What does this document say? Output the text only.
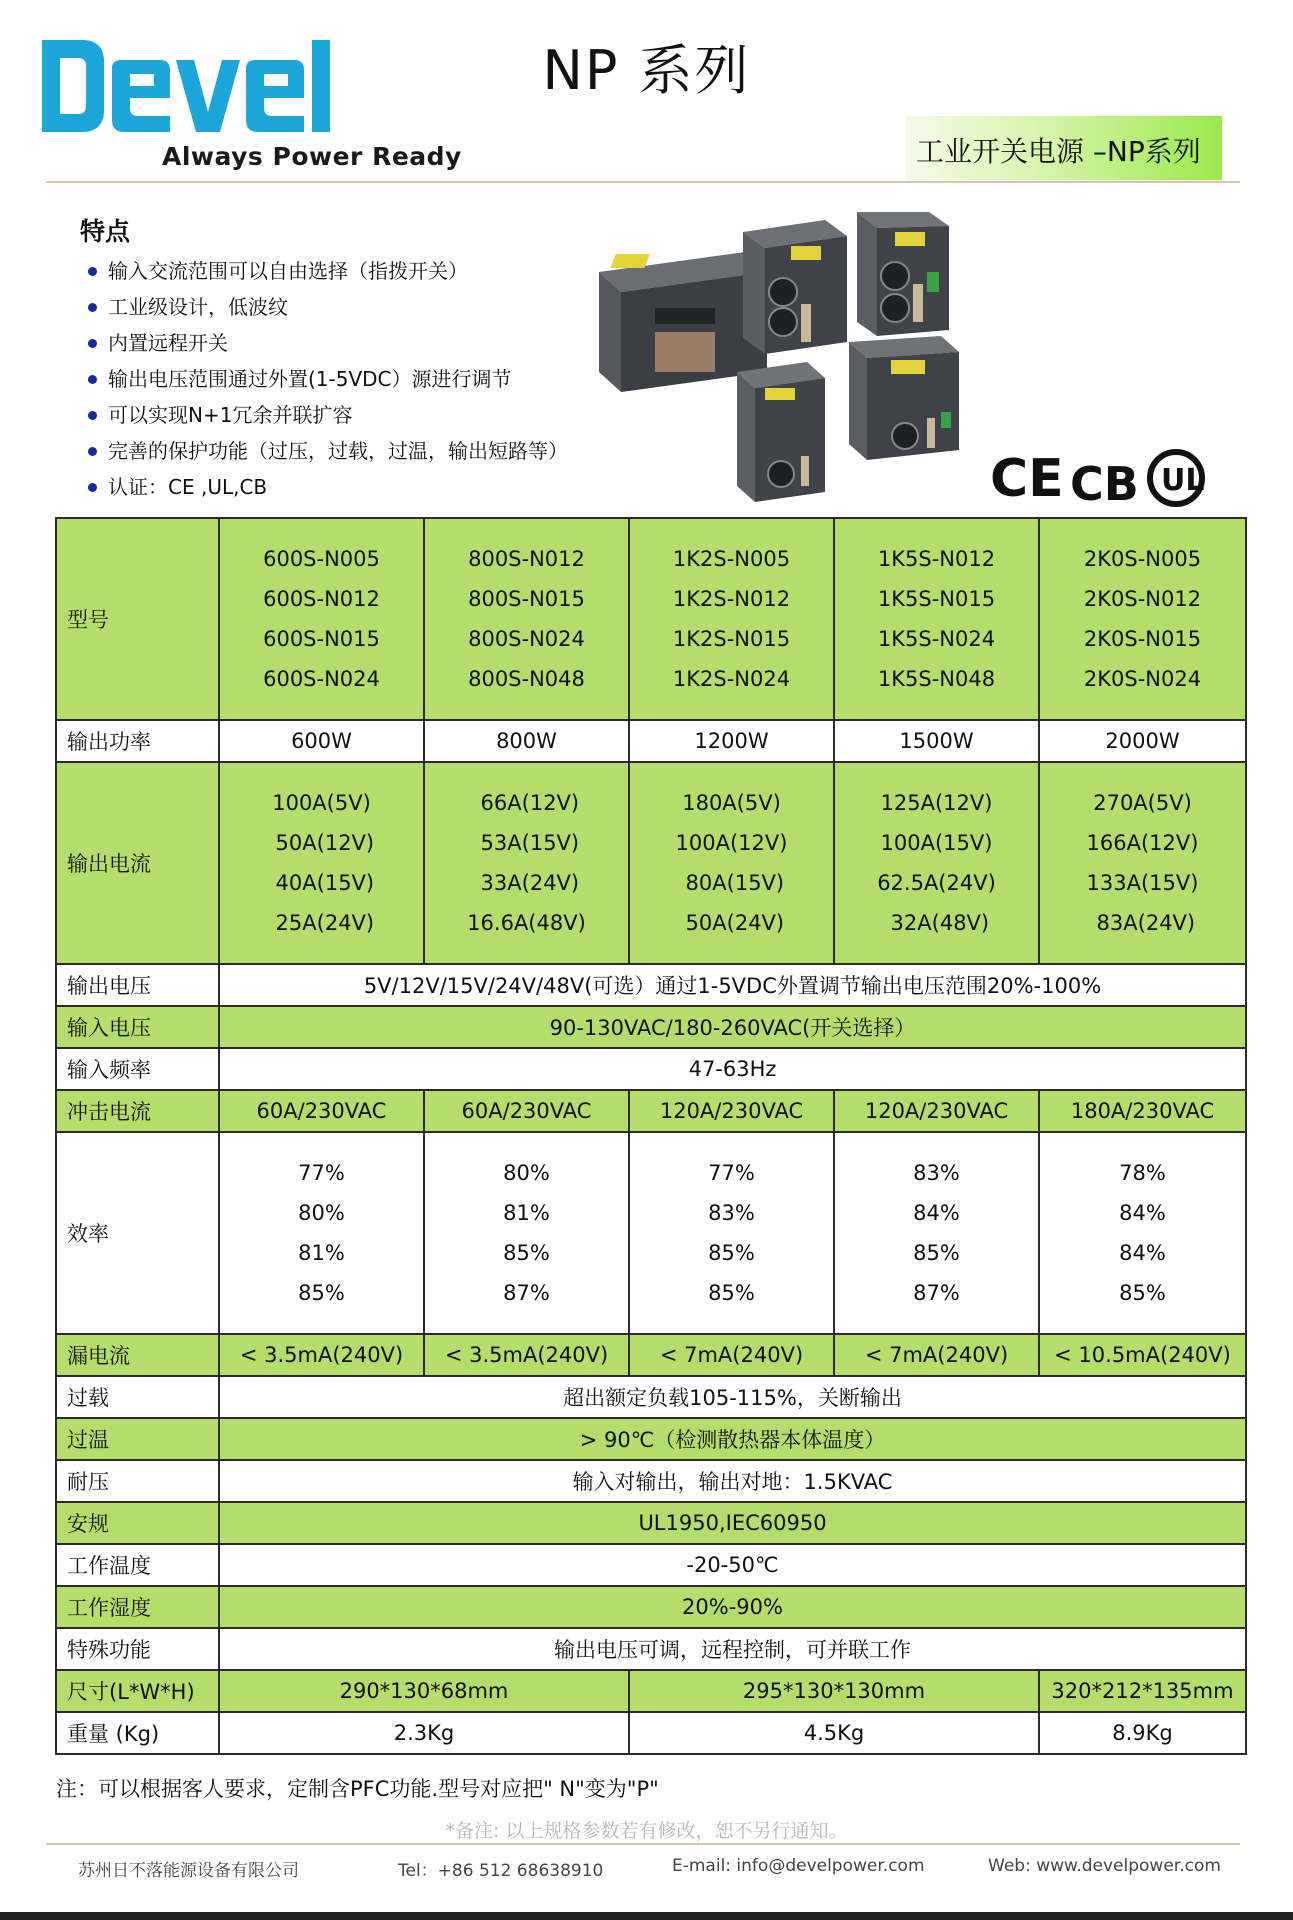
Always Power Ready
NP 系列
工业开关电源 –NP系列
特点
输入交流范围可以自由选择（指拨开关）
工业级设计，低波纹
内置远程开关
输出电压范围通过外置(1-5VDC）源进行调节
可以实现N+1冗余并联扩容
完善的保护功能（过压，过载，过温，输出短路等）
认证：CE ,UL,CB	CE CB UL
型号	600S-N005
600S-N012
600S-N015
600S-N024	800S-N012
800S-N015
800S-N024
800S-N048	1K2S-N005
1K2S-N012
1K2S-N015
1K2S-N024	1K5S-N012
1K5S-N015
1K5S-N024
1K5S-N048	2K0S-N005
2K0S-N012
2K0S-N015
2K0S-N024

输出功率	600W	800W	1200W	1500W	2000W
输出电流	100A(5V)
50A(12V)
40A(15V)
25A(24V)	66A(12V)
53A(15V)
33A(24V)
16.6A(48V)	180A(5V)
100A(12V)
80A(15V)
50A(24V)	125A(12V)
100A(15V)
62.5A(24V)
32A(48V)	270A(5V)
166A(12V)
133A(15V)
83A(24V)

输出电压	5V/12V/15V/24V/48V(可选）通过1-5VDC外置调节输出电压范围20%-100%				
输入电压	90-130VAC/180-260VAC(开关选择）				
输入频率	47-63Hz				
冲击电流	60A/230VAC	60A/230VAC	120A/230VAC	120A/230VAC	180A/230VAC
效率	77%
80%
81%
85%	80%
81%
85%
87%	77%
83%
85%
85%	83%
84%
85%
87%	78%
84%
84%
85%

漏电流	< 3.5mA(240V)	< 3.5mA(240V)	< 7mA(240V)	< 7mA(240V)	< 10.5mA(240V)
过载	超出额定负载105-115%，关断输出				
过温	> 90℃（检测散热器本体温度）				
耐压	输入对输出，输出对地：1.5KVAC				
安规	UL1950,IEC60950				
工作温度	-20-50℃				
工作湿度	20%-90%				
特殊功能	输出电压可调，远程控制，可并联工作				
尺寸(L*W*H)	290*130*68mm		295*130*130mm		320*212*135mm
重量 (Kg)	2.3Kg		4.5Kg		8.9Kg
注：可以根据客人要求，定制含PFC功能.型号对应把" N"变为"P"
*备注: 以上规格参数若有修改，恕不另行通知。
苏州日不落能源设备有限公司	Tel：+86 512 68638910	E-mail: info@develpower.com	Web: www.develpower.com
